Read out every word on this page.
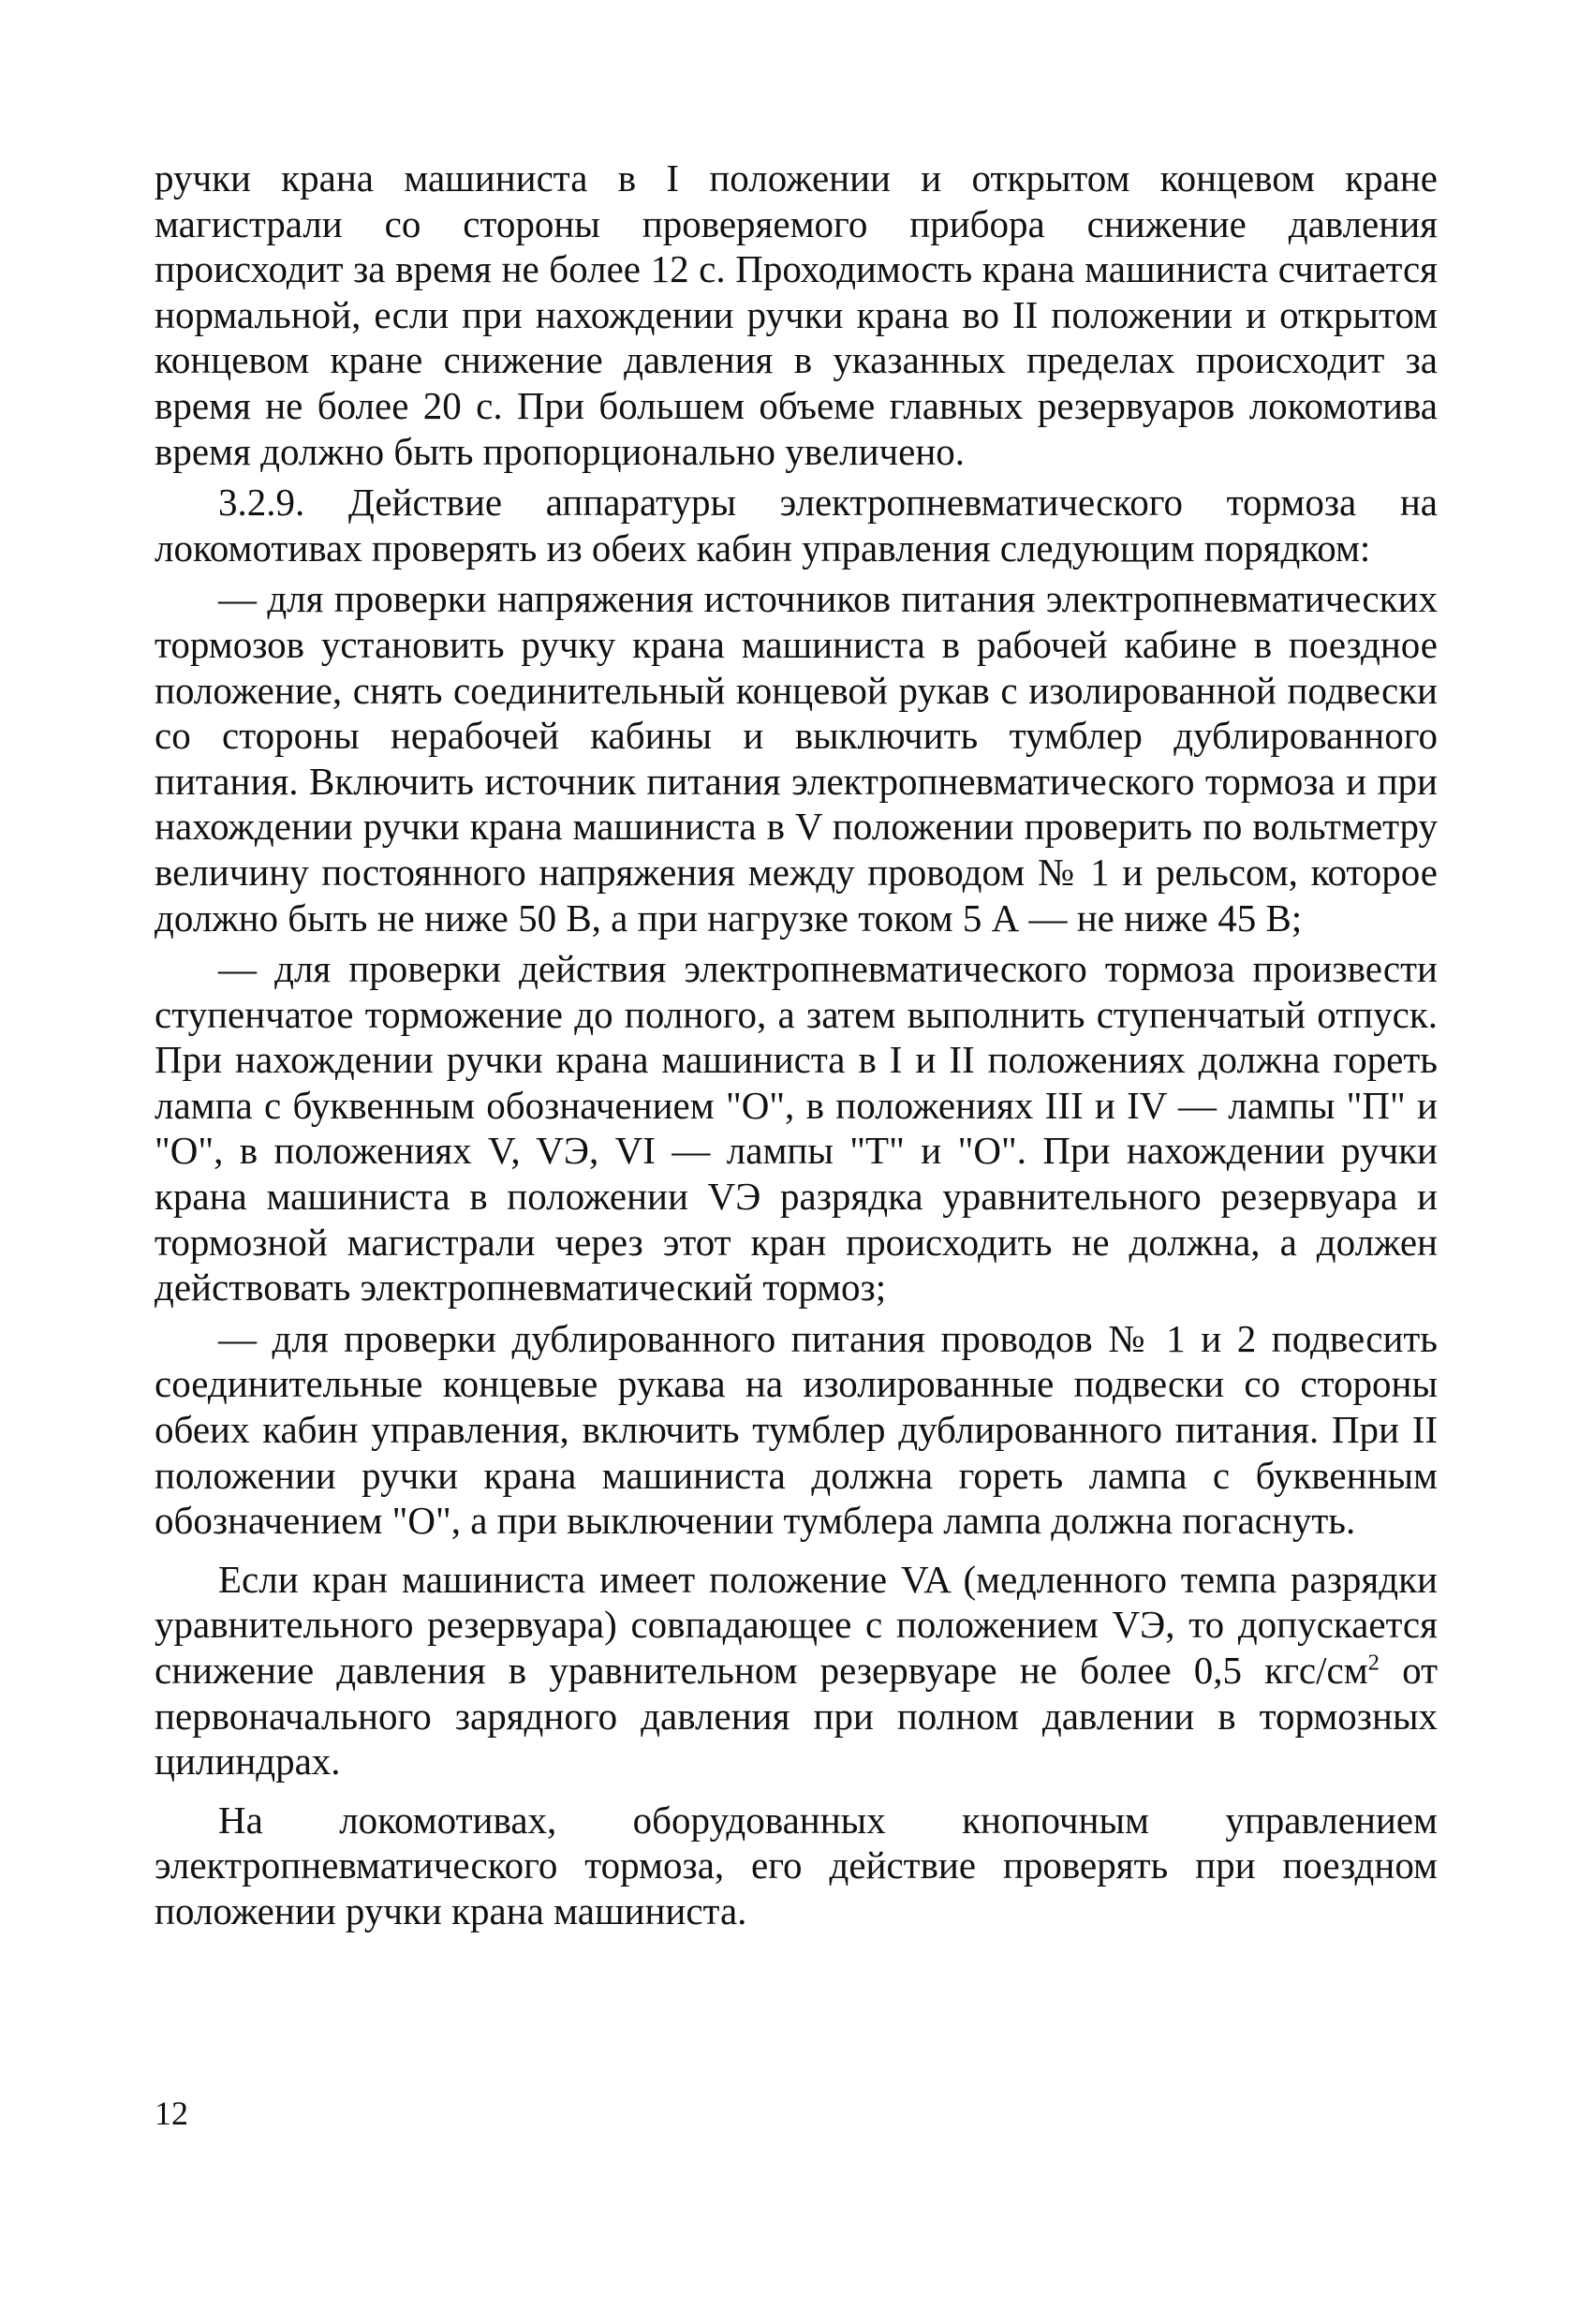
ручки крана машиниста в I положении и открытом концевом кране магистрали со стороны проверяемого прибора снижение давления происходит за время не более 12 с. Проходимость крана машиниста считается нормальной, если при нахождении ручки крана во II положении и открытом концевом кране снижение давления в указанных пределах происходит за время не более 20 с. При большем объеме главных резервуаров локомотива время должно быть пропорционально увеличено.

3.2.9. Действие аппаратуры электропневматического тормоза на локомотивах проверять из обеих кабин управления следующим порядком:

— для проверки напряжения источников питания электропневматических тормозов установить ручку крана машиниста в рабочей кабине в поездное положение, снять соединительный концевой рукав с изолированной подвески со стороны нерабочей кабины и выключить тумблер дублированного питания. Включить источник питания электропневматического тормоза и при нахождении ручки крана машиниста в V положении проверить по вольтметру величину постоянного напряжения между проводом № 1 и рельсом, которое должно быть не ниже 50 В, а при нагрузке током 5 А — не ниже 45 В;

— для проверки действия электропневматического тормоза произвести ступенчатое торможение до полного, а затем выполнить ступенчатый отпуск. При нахождении ручки крана машиниста в I и II положениях должна гореть лампа с буквенным обозначением "О", в положениях III и IV — лампы "П" и "О", в положениях V, VЭ, VI — лампы "Т" и "О". При нахождении ручки крана машиниста в положении VЭ разрядка уравнительного резервуара и тормозной магистрали через этот кран происходить не должна, а должен действовать электропневматический тормоз;

— для проверки дублированного питания проводов № 1 и 2 подвесить соединительные концевые рукава на изолированные подвески со стороны обеих кабин управления, включить тумблер дублированного питания. При II положении ручки крана машиниста должна гореть лампа с буквенным обозначением "О", а при выключении тумблера лампа должна погаснуть.

Если кран машиниста имеет положение VA (медленного темпа разрядки уравнительного резервуара) совпадающее с положением VЭ, то допускается снижение давления в уравнительном резервуаре не более 0,5 кгс/$см^2$ от первоначального зарядного давления при полном давлении в тормозных цилиндрах.

На локомотивах, оборудованных кнопочным управлением электропневматического тормоза, его действие проверять при поездном положении ручки крана машиниста.

12
